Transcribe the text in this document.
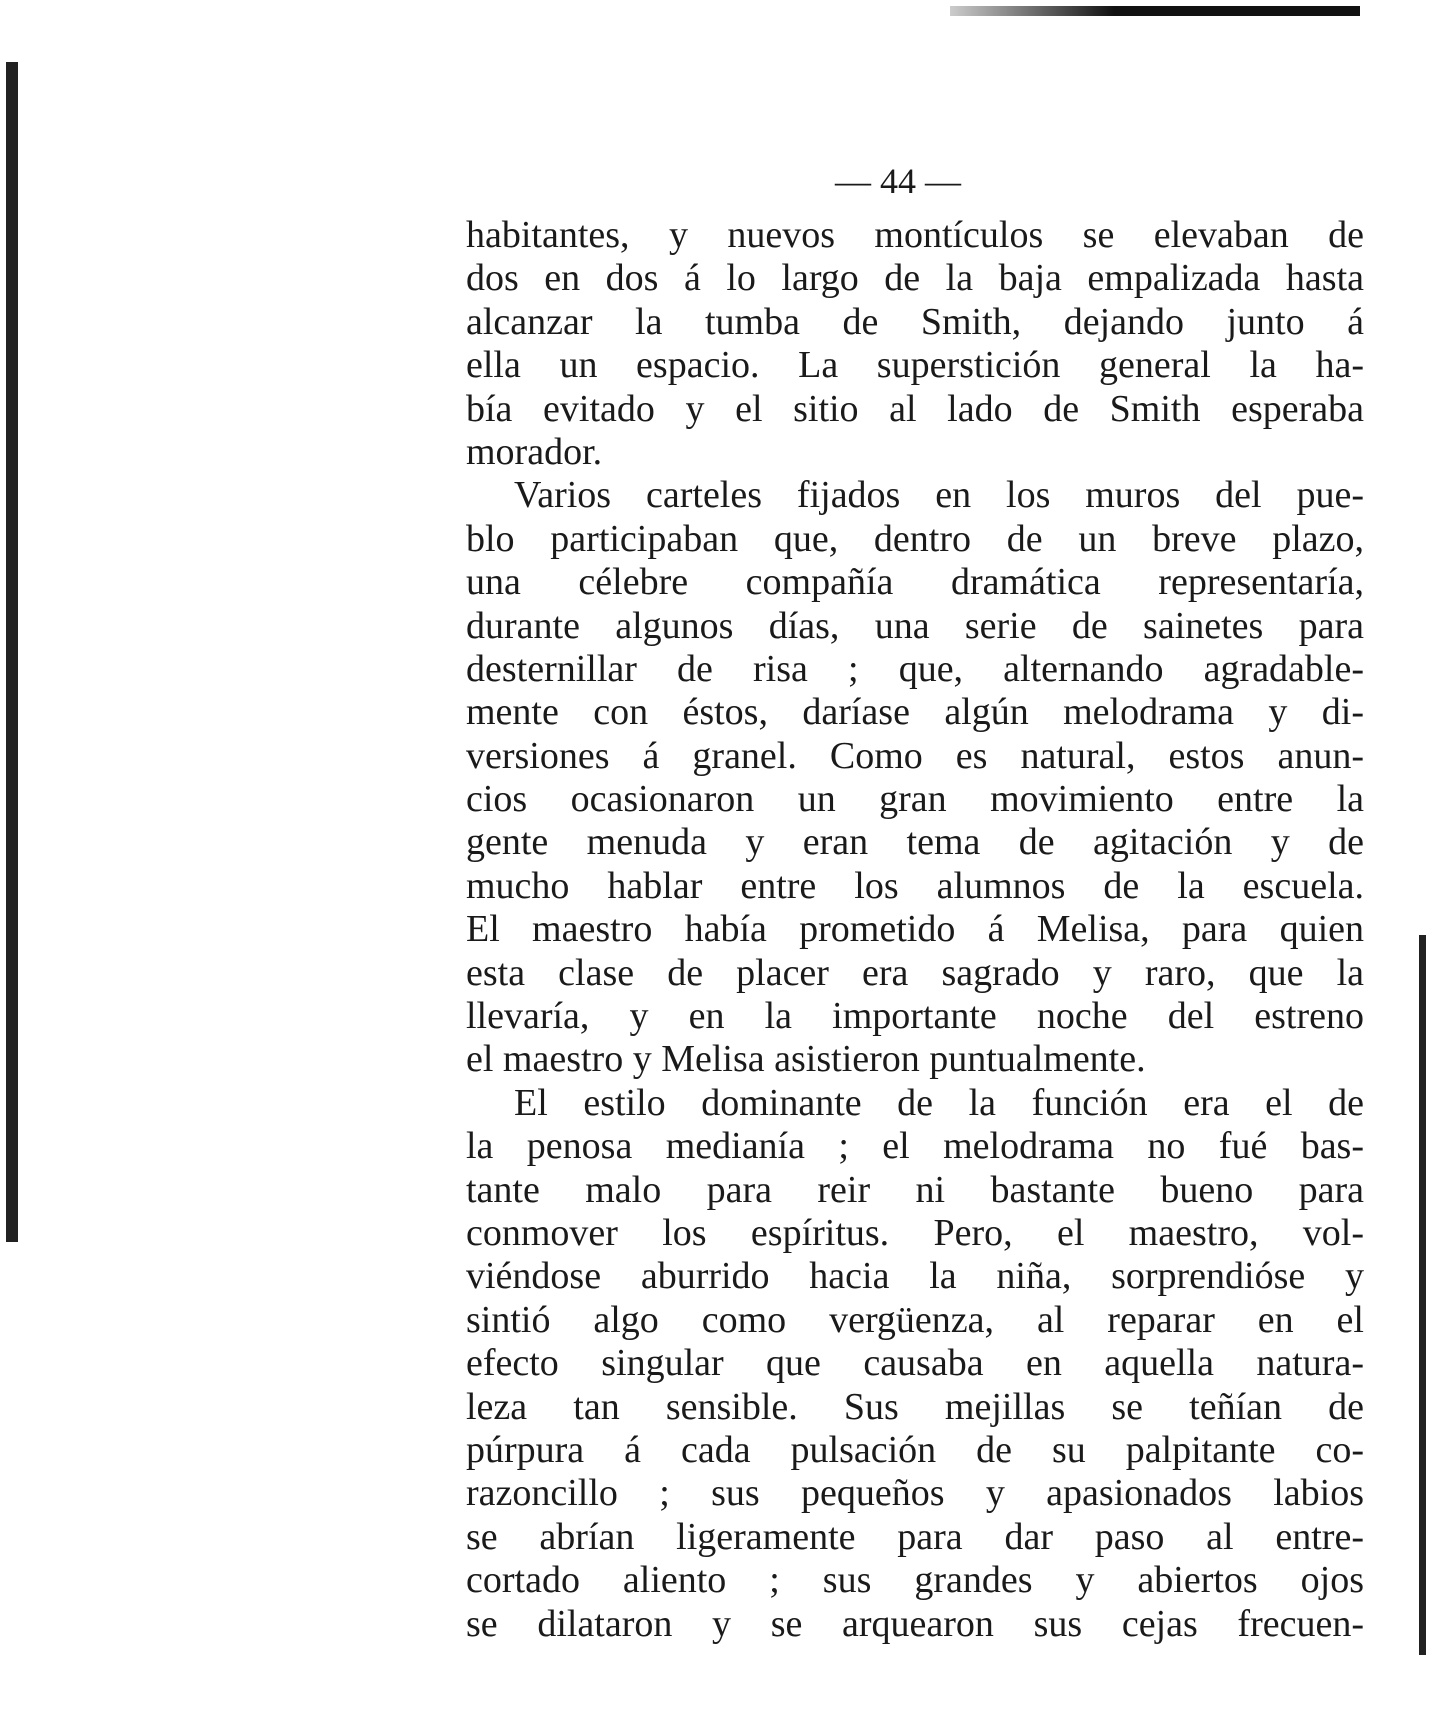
— 44 —
habitantes, y nuevos montículos se elevaban de
dos en dos á lo largo de la baja empalizada hasta
alcanzar la tumba de Smith, dejando junto á
ella un espacio. La superstición general la ha-
bía evitado y el sitio al lado de Smith esperaba
morador.
Varios carteles fijados en los muros del pue-
blo participaban que, dentro de un breve plazo,
una célebre compañía dramática representaría,
durante algunos días, una serie de sainetes para
desternillar de risa ; que, alternando agradable-
mente con éstos, daríase algún melodrama y di-
versiones á granel. Como es natural, estos anun-
cios ocasionaron un gran movimiento entre la
gente menuda y eran tema de agitación y de
mucho hablar entre los alumnos de la escuela.
El maestro había prometido á Melisa, para quien
esta clase de placer era sagrado y raro, que la
llevaría, y en la importante noche del estreno
el maestro y Melisa asistieron puntualmente.
El estilo dominante de la función era el de
la penosa medianía ; el melodrama no fué bas-
tante malo para reir ni bastante bueno para
conmover los espíritus. Pero, el maestro, vol-
viéndose aburrido hacia la niña, sorprendióse y
sintió algo como vergüenza, al reparar en el
efecto singular que causaba en aquella natura-
leza tan sensible. Sus mejillas se teñían de
púrpura á cada pulsación de su palpitante co-
razoncillo ; sus pequeños y apasionados labios
se abrían ligeramente para dar paso al entre-
cortado aliento ; sus grandes y abiertos ojos
se dilataron y se arquearon sus cejas frecuen-
